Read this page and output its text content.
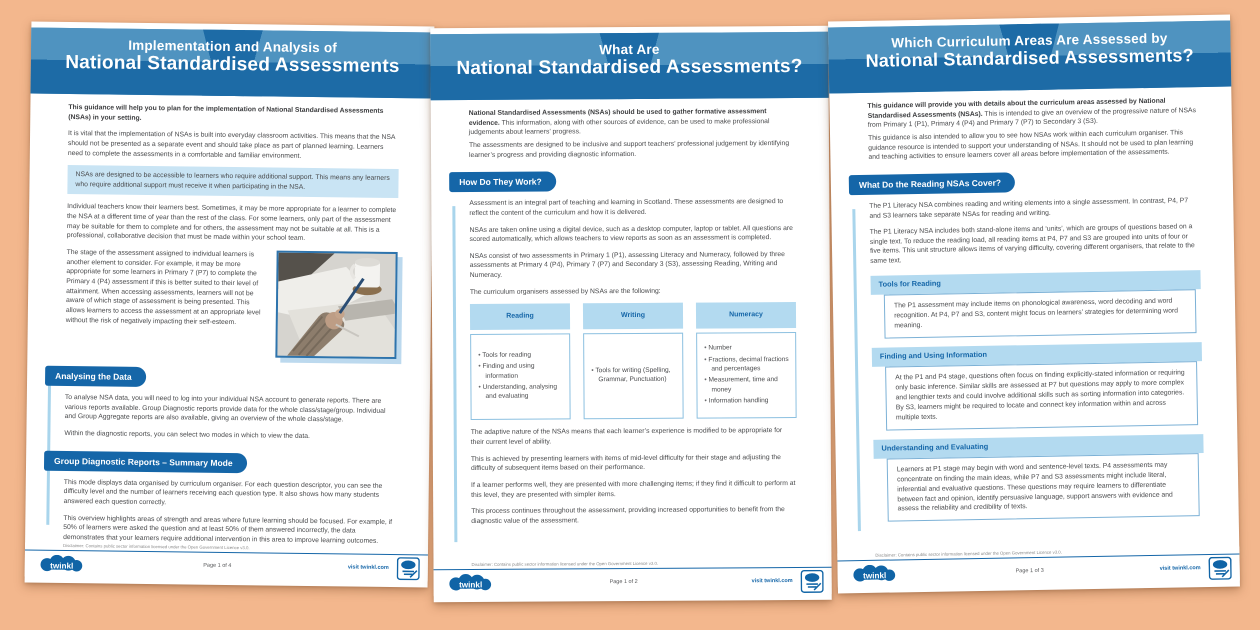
Implementation and Analysis of
National Standardised Assessments

This guidance will help you to plan for the implementation of National Standardised Assessments (NSAs) in your setting.

It is vital that the implementation of NSAs is built into everyday classroom activities. This means that the NSA should not be presented as a separate event and should take place as part of planned learning. Learners need to complete the assessments in a comfortable and familiar environment.

NSAs are designed to be accessible to learners who require additional support. This means any learners who require additional support must receive it when participating in the NSA.

Individual teachers know their learners best. Sometimes, it may be more appropriate for a learner to complete the NSA at a different time of year than the rest of the class. For some learners, only part of the assessment may be suitable for them to complete and for others, the assessment may not be suitable at all. This is a professional, collaborative decision that must be made within your school team.

The stage of the assessment assigned to individual learners is another element to consider. For example, it may be more appropriate for some learners in Primary 7 (P7) to complete the Primary 4 (P4) assessment if this is better suited to their level of attainment. When accessing assessments, learners will not be aware of which stage of assessment is being presented. This allows learners to access the assessment at an appropriate level without the risk of negatively impacting their self-esteem.

Analysing the Data

To analyse NSA data, you will need to log into your individual NSA account to generate reports. There are various reports available. Group Diagnostic reports provide data for the whole class/stage/group. Individual and Group Aggregate reports are also available, giving an overview of the whole class/stage.

Within the diagnostic reports, you can select two modes in which to view the data.

Group Diagnostic Reports – Summary Mode

This mode displays data organised by curriculum organiser. For each question descriptor, you can see the difficulty level and the number of learners receiving each question type. It also shows how many students answered each question correctly.

This overview highlights areas of strength and areas where future learning should be focused. For example, if 50% of learners were asked the question and at least 50% of them answered incorrectly, the data demonstrates that your learners require additional intervention in this area to improve learning outcomes.

Disclaimer: Contains public sector information licensed under the Open Government Licence v3.0.
twinkl	Page 1 of 4	visit twinkl.com
What Are
National Standardised Assessments?

National Standardised Assessments (NSAs) should be used to gather formative assessment evidence. This information, along with other sources of evidence, can be used to make professional judgements about learners’ progress.

The assessments are designed to be inclusive and support teachers’ professional judgement by identifying learner’s progress and providing diagnostic information.

How Do They Work?

Assessment is an integral part of teaching and learning in Scotland. These assessments are designed to reflect the content of the curriculum and how it is delivered.

NSAs are taken online using a digital device, such as a desktop computer, laptop or tablet. All questions are scored automatically, which allows teachers to view reports as soon as an assessment is completed.

NSAs consist of two assessments in Primary 1 (P1), assessing Literacy and Numeracy, followed by three assessments at Primary 4 (P4), Primary 7 (P7) and Secondary 3 (S3), assessing Reading, Writing and Numeracy.

The curriculum organisers assessed by NSAs are the following:

Reading
• Tools for reading
• Finding and using information
• Understanding, analysing and evaluating
Writing
• Tools for writing (Spelling, Grammar, Punctuation)
Numeracy
• Number
• Fractions, decimal fractions and percentages
• Measurement, time and money
• Information handling

The adaptive nature of the NSAs means that each learner’s experience is modified to be appropriate for their current level of ability.

This is achieved by presenting learners with items of mid-level difficulty for their stage and adjusting the difficulty of subsequent items based on their performance.

If a learner performs well, they are presented with more challenging items; if they find it difficult to perform at this level, they are presented with simpler items.

This process continues throughout the assessment, providing increased opportunities to benefit from the diagnostic value of the assessment.

Disclaimer: Contains public sector information licensed under the Open Government Licence v3.0.
twinkl	Page 1 of 2	visit twinkl.com
Which Curriculum Areas Are Assessed by
National Standardised Assessments?

This guidance will provide you with details about the curriculum areas assessed by National Standardised Assessments (NSAs). This is intended to give an overview of the progressive nature of NSAs from Primary 1 (P1), Primary 4 (P4) and Primary 7 (P7) to Secondary 3 (S3).

This guidance is also intended to allow you to see how NSAs work within each curriculum organiser. This guidance resource is intended to support your understanding of NSAs. It should not be used to plan learning and teaching activities to ensure learners cover all areas before implementation of the assessments.

What Do the Reading NSAs Cover?

The P1 Literacy NSA combines reading and writing elements into a single assessment. In contrast, P4, P7 and S3 learners take separate NSAs for reading and writing.

The P1 Literacy NSA includes both stand-alone items and ‘units’, which are groups of questions based on a single text. To reduce the reading load, all reading items at P4, P7 and S3 are grouped into units of four or five items. This unit structure allows items of varying difficulty, covering different organisers, that relate to the same text.

Tools for Reading
The P1 assessment may include items on phonological awareness, word decoding and word recognition. At P4, P7 and S3, content might focus on learners’ strategies for determining word meaning.
Finding and Using Information
At the P1 and P4 stage, questions often focus on finding explicitly-stated information or requiring only basic inference. Similar skills are assessed at P7 but questions may apply to more complex and lengthier texts and could involve additional skills such as sorting information into categories. By S3, learners might be required to locate and connect key information within and across multiple texts.
Understanding and Evaluating
Learners at P1 stage may begin with word and sentence-level texts. P4 assessments may concentrate on finding the main ideas, while P7 and S3 assessments might include literal, inferential and evaluative questions. These questions may require learners to differentiate between fact and opinion, identify persuasive language, support answers with evidence and assess the reliability and credibility of texts.
Disclaimer: Contains public sector information licensed under the Open Government Licence v3.0.
twinkl
Page 1 of 3	visit twinkl.com
